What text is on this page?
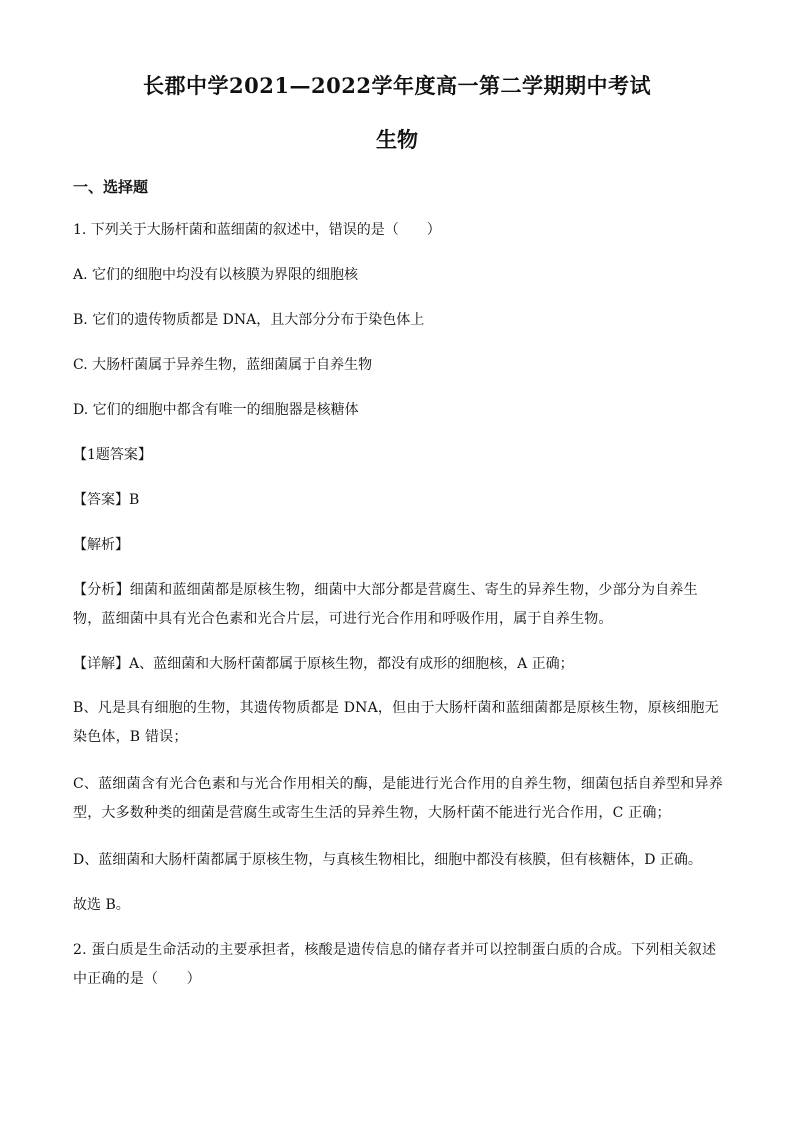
长郡中学2021—2022学年度高一第二学期期中考试
生物
一、选择题
1. 下列关于大肠杆菌和蓝细菌的叙述中，错误的是（　　）
A. 它们的细胞中均没有以核膜为界限的细胞核
B. 它们的遗传物质都是 DNA，且大部分分布于染色体上
C. 大肠杆菌属于异养生物，蓝细菌属于自养生物
D. 它们的细胞中都含有唯一的细胞器是核糖体
【1题答案】
【答案】B
【解析】
【分析】细菌和蓝细菌都是原核生物，细菌中大部分都是营腐生、寄生的异养生物，少部分为自养生物，蓝细菌中具有光合色素和光合片层，可进行光合作用和呼吸作用，属于自养生物。
【详解】A、蓝细菌和大肠杆菌都属于原核生物，都没有成形的细胞核，A 正确；
B、凡是具有细胞的生物，其遗传物质都是 DNA，但由于大肠杆菌和蓝细菌都是原核生物，原核细胞无染色体，B 错误；
C、蓝细菌含有光合色素和与光合作用相关的酶，是能进行光合作用的自养生物，细菌包括自养型和异养型，大多数种类的细菌是营腐生或寄生生活的异养生物，大肠杆菌不能进行光合作用，C 正确；
D、蓝细菌和大肠杆菌都属于原核生物，与真核生物相比，细胞中都没有核膜，但有核糖体，D 正确。
故选 B。
2. 蛋白质是生命活动的主要承担者，核酸是遗传信息的储存者并可以控制蛋白质的合成。下列相关叙述中正确的是（　　）
